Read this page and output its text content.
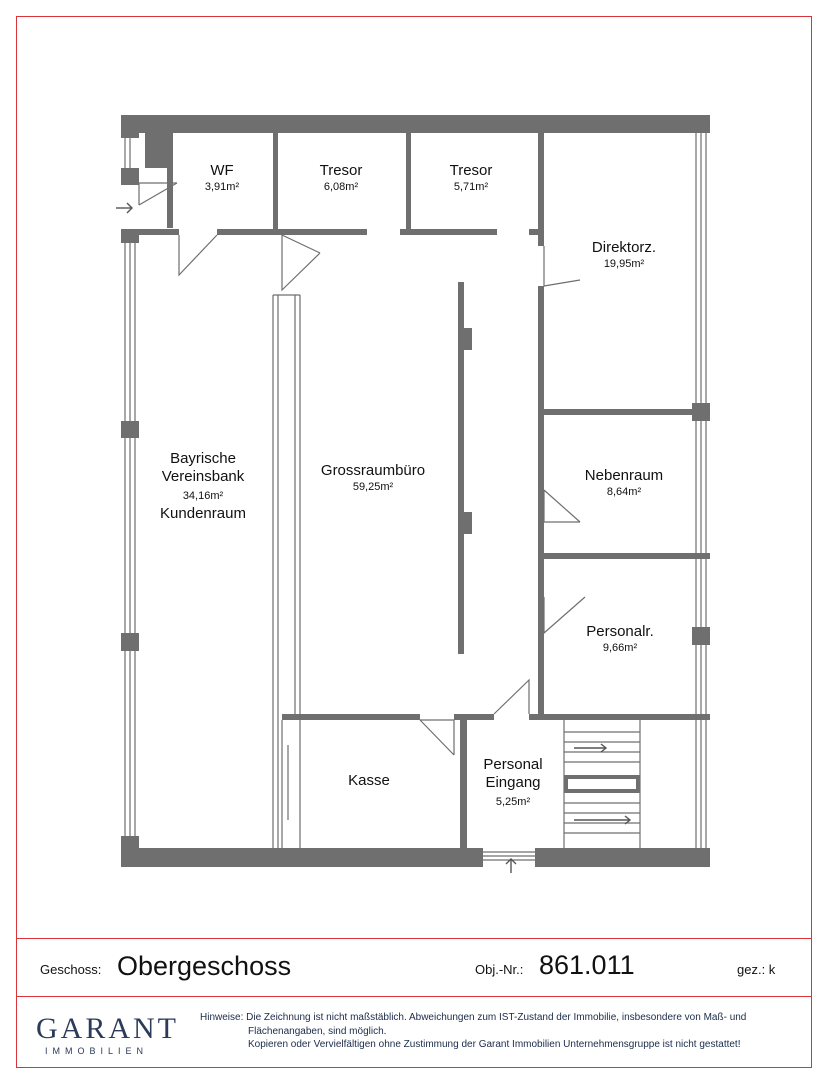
WF
3,91m²
Tresor
6,08m²
Tresor
5,71m²
Direktorz.
19,95m²
Nebenraum
8,64m²
Personalr.
9,66m²
Grossraumbüro
59,25m²
Kasse
Bayrische
Vereinsbank
34,16m²
Kundenraum
Personal
Eingang
5,25m²
Geschoss: Obergeschoss	Obj.-Nr.: 861.011	gez.: k
GARANT
IMMOBILIEN
Hinweise: Die Zeichnung ist nicht maßstäblich. Abweichungen zum IST-Zustand der Immobilie, insbesondere von Maß- und
Flächenangaben, sind möglich.
Kopieren oder Vervielfältigen ohne Zustimmung der Garant Immobilien Unternehmensgruppe ist nicht gestattet!
